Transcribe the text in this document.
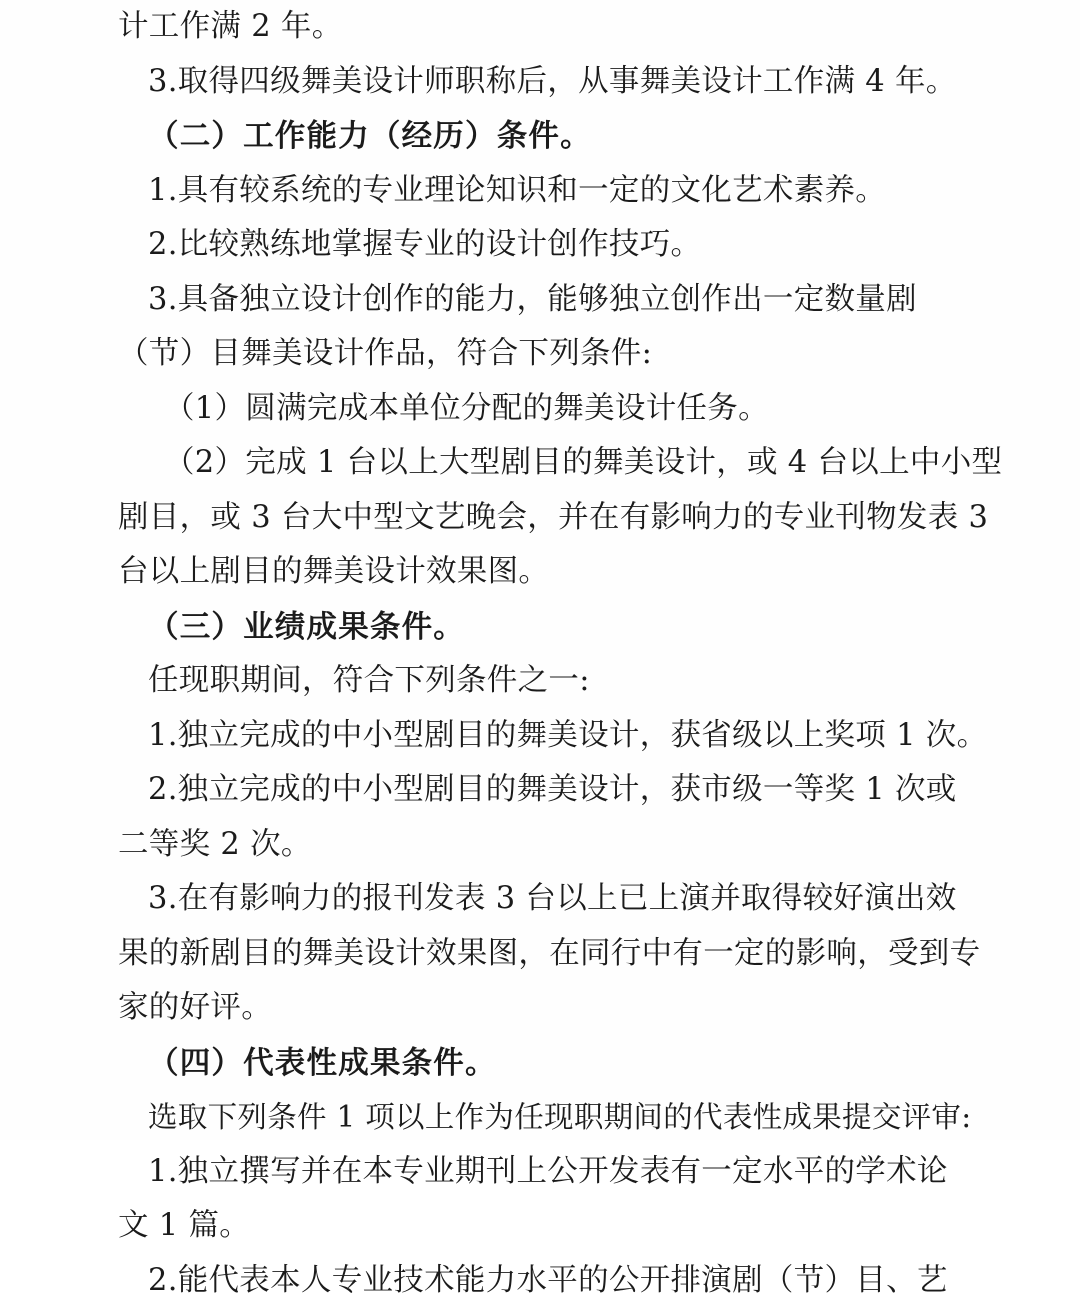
计工作满 2 年。

3.取得四级舞美设计师职称后，从事舞美设计工作满 4 年。

（二）工作能力（经历）条件。

1.具有较系统的专业理论知识和一定的文化艺术素养。

2.比较熟练地掌握专业的设计创作技巧。

3.具备独立设计创作的能力，能够独立创作出一定数量剧

（节）目舞美设计作品，符合下列条件:

（1）圆满完成本单位分配的舞美设计任务。

（2）完成 1 台以上大型剧目的舞美设计，或 4 台以上中小型

剧目，或 3 台大中型文艺晚会，并在有影响力的专业刊物发表 3

台以上剧目的舞美设计效果图。

（三）业绩成果条件。

任现职期间，符合下列条件之一:

1.独立完成的中小型剧目的舞美设计，获省级以上奖项 1 次。

2.独立完成的中小型剧目的舞美设计，获市级一等奖 1 次或

二等奖 2 次。

3.在有影响力的报刊发表 3 台以上已上演并取得较好演出效

果的新剧目的舞美设计效果图，在同行中有一定的影响，受到专

家的好评。

（四）代表性成果条件。

选取下列条件 1 项以上作为任现职期间的代表性成果提交评审:

1.独立撰写并在本专业期刊上公开发表有一定水平的学术论

文 1 篇。

2.能代表本人专业技术能力水平的公开排演剧（节）目、艺
